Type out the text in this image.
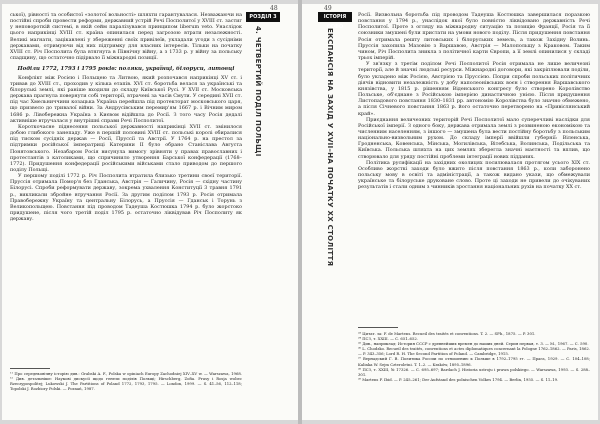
48

ської), рівності та особистої «золотої вольності» шляхти гарантувалася. Незважаючи на постійні спроби провести реформи, державний устрій Речі Посполитої у XVIII ст. застиг у неповороткій системі, в якій сейм паралізувався принципом liberum veto. Унаслідок цього наприкінці XVIII ст. країна опинилася перед загрозою втрати незалежності. Великі магнати, зацікавлені у збереженні своїх привілеїв, укладали угоди з сусідніми державами, отримуючи від них підтримку для власних інтересів. Тільки на початку XVIII ст. Річ Посполита була втягнута в Північну війну, а з 1733 р. у війну за польську спадщину, що остаточно підірвало її міжнародні позиції.

Поділи 1772, 1793 і 1795 років: поляки, українці, білоруси, литовці

Конфлікт між Росією і Польщею та Литвою, який розпочався наприкінці XV ст. і тривав до XVIII ст., проходив у кілька етапів. XVI ст. боротьба велася за українські та білоруські землі, які раніше входили до складу Київської Русі. У XVII ст. Московська держава прагнула повернути собі території, втрачені за часів Смути. У середині XVII ст. під час Хмельниччини козацька Україна перейшла під протекторат московського царя, що призвело до тривалої війни. За Андрусівським перемир'ям 1667 р. і Вічним миром 1686 р. Лівобережна Україна з Києвом відійшла до Росії. З того часу Росія дедалі активніше втручалася у внутрішні справи Речі Посполитої.

Короткочасне піднесення польської державності наприкінці XVII ст. змінилося добою глибокого занепаду. Уже в першій половині XVIII ст. польські королі обиралися під тиском сусідніх держав — Росії, Пруссії та Австрії. У 1764 р. на престол за підтримки російської імператриці Катерини II було обрано Станіслава Августа Понятовського. Незабаром Росія висунула вимогу зрівняти у правах православних і протестантів з католиками, що спричинило утворення Барської конфедерації (1768–1772). Придушення конфедерації російськими військами стало приводом до першого поділу Польщі.

У першому поділі 1772 р. Річ Посполита втратила близько третини своєї території. Пруссія отримала Помор'я без Гданська, Австрія — Галичину, Росія — східну частину Білорусі. Спроби реформувати державу, зокрема ухвалення Конституції 3 травня 1791 р., викликали збройне втручання Росії. За другим поділом 1793 р. Росія отримала Правобережну Україну та центральну Білорусь, а Пруссія — Гданськ і Торунь з Великопольщею. Повстання під проводом Тадеуша Костюшка 1794 р. було жорстоко придушене, після чого третій поділ 1795 р. остаточно ліквідував Річ Посполиту як державу.

¹¹ Про середньовічну історію див.: Grabski A. F., Polska w opiniach Europy Zachodniej XIV–XV w. — Warszawa, 1968. ¹² Див. детальніше: Наукові дискусії щодо генези поділів Польщі; Hirschberg, Zofia. Prusy i Rosja wobec Rzeczypospolitej; Lukowski J. The Partitions of Poland 1772, 1793, 1795. — London, 1999. — S. 41–56, 112–118; Topolski J. Rozbiory Polski. — Poznań, 1987.
РОЗДІЛ 3
4. ЧЕТВЕРТИЙ ПОДІЛ ПОЛЬЩІ
49
ІСТОРІЯ ЄСФО
ЕКСПАНСІЯ НА ЗАХІД У XVII–НА ПОЧАТКУ XX СТОЛІТТЯ

Росії. Визвольна боротьба під проводом Тадеуша Костюшка завершилася поразкою повстання у 1794 р., унаслідок якої було повністю ліквідовано державність Речі Посполитої. Проте з огляду на міжнародну ситуацію та позицію Франції, Росія та її союзники змушені були пристати на умови нового поділу. Після придушення повстання Росія отримала решту литовських і білоруських земель, а також Західну Волинь. Пруссія захопила Мазовію з Варшавою, Австрія — Малопольщу з Краковом. Таким чином, Річ Посполита зникла з політичної карти Європи, а її землі опинилися у складі трьох імперій.

У зв'язку з третім поділом Речі Посполитої Росія отримала не лише величезні території, але й значні людські ресурси. Міжнародні договори, які закріплювали поділи, було укладено між Росією, Австрією та Пруссією. Попри спроби польських політичних діячів відновити незалежність у добу наполеонівських воєн і створення Варшавського князівства, у 1815 р. рішенням Віденського конгресу було створено Королівство Польське, об'єднане з Російською імперією династичною унією. Після придушення Листопадового повстання 1830–1831 рр. автономію Королівства було значно обмежено, а після Січневого повстання 1863 р. його остаточно перетворено на «Привіслянський край».

Приєднання величезних територій Речі Посполитої мало суперечливі наслідки для Російської імперії. З одного боку, держава отримала землі з розвиненою економікою та численним населенням, з іншого — змушена була вести постійну боротьбу з польським національно-визвольним рухом. До складу імперії ввійшли губернії: Віленська, Гродненська, Ковенська, Мінська, Могилівська, Вітебська, Волинська, Подільська та Київська. Польська шляхта на цих землях зберегла значні маєтності та вплив, що створювало для уряду постійні проблеми інтеграції нових підданих.

Політика русифікації на західних околицях посилювалася протягом усього XIX ст. Особливо жорсткі заходи було вжито після повстання 1863 р., коли заборонено польську мову в освіті та адміністрації, а також видано укази, що обмежували українське та білоруське друковане слово. Проте ці заходи не привели до очікуваних результатів і стали одним з чинників зростання національних рухів на початку XX ст.

⁵³ Цитат. за: F. de Martens. Recueil des traités et conventions. T. 2. — SPb., 1875. — P. 301.
⁵⁴ ПСЗ, т. XXIII. — С. 651–652.
⁵⁵ Див., наприклад: История СССР с древнейших времен до наших дней. Серия первая, т. 3. — М., 1967. — С. 590.
⁵⁶ L. Chodzko. Recueil des traités, conventions et actes diplomatiques concernant la Pologne 1762–1862. — Paris, 1862. — P. 343–356; Lord R. H. The Second Partition of Poland. — Cambridge, 1915.
⁵⁷ Вернадский Г. В. Политика России по отношению к Польше в 1792–1795 гг. — Прага, 1929. — С. 104–108; Kalinka W. Sejm Czteroletni. T. 1–2. — Kraków, 1895–1896.
⁵⁸ ПСЗ, т. XXIII, № 17326. — С. 695–697; Bardach J. Historia ustroju i prawa polskiego. — Warszawa, 1993. — S. 288–301.
⁵⁹ Martens F. Ibid. — P. 245–261; Der Aufstand des polnischen Volkes 1794. — Berlin, 1955. — S. 11–19.
